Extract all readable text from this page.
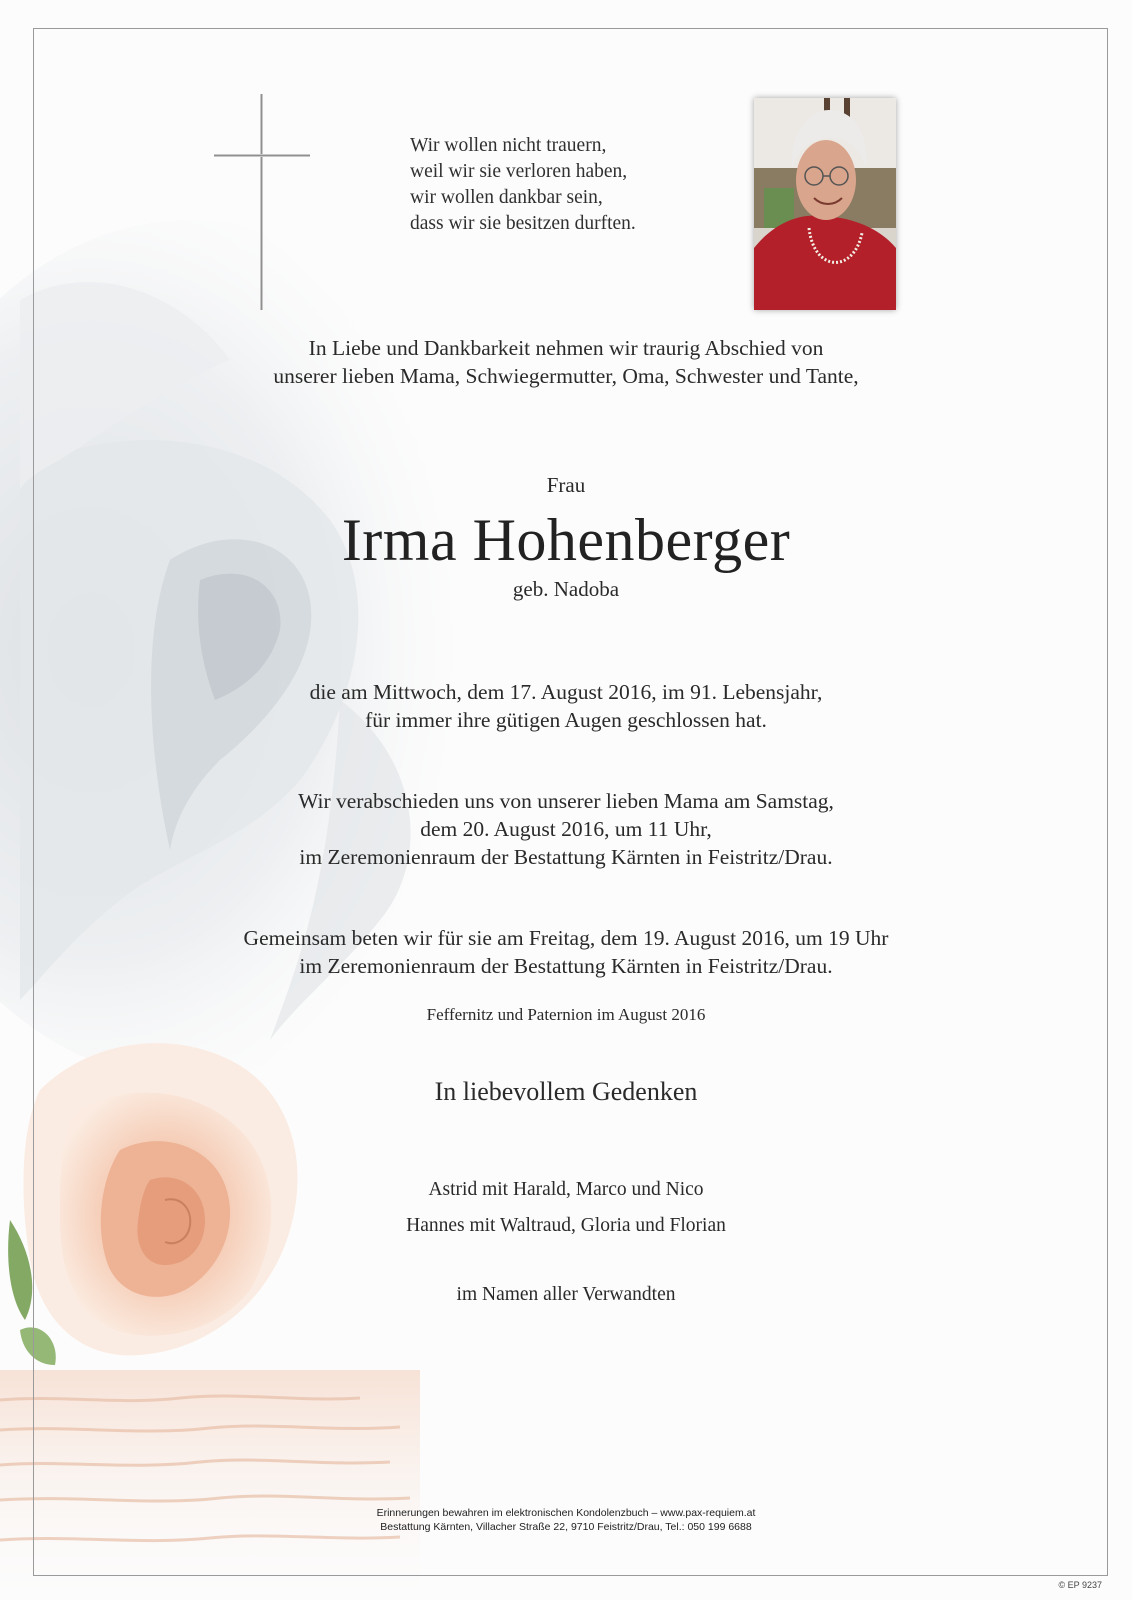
Wir wollen nicht trauern,
weil wir sie verloren haben,
wir wollen dankbar sein,
dass wir sie besitzen durften.
In Liebe und Dankbarkeit nehmen wir traurig Abschied von
unserer lieben Mama, Schwiegermutter, Oma, Schwester und Tante,
Frau
Irma Hohenberger
geb. Nadoba
die am Mittwoch, dem 17. August 2016, im 91. Lebensjahr,
für immer ihre gütigen Augen geschlossen hat.
Wir verabschieden uns von unserer lieben Mama am Samstag,
dem 20. August 2016, um 11 Uhr,
im Zeremonienraum der Bestattung Kärnten in Feistritz/Drau.
Gemeinsam beten wir für sie am Freitag, dem 19. August 2016, um 19 Uhr
im Zeremonienraum der Bestattung Kärnten in Feistritz/Drau.
Feffernitz und Paternion im August 2016
In liebevollem Gedenken
Astrid mit Harald, Marco und Nico
Hannes mit Waltraud, Gloria und Florian
im Namen aller Verwandten
Erinnerungen bewahren im elektronischen Kondolenzbuch – www.pax-requiem.at
Bestattung Kärnten, Villacher Straße 22, 9710 Feistritz/Drau, Tel.: 050 199 6688
© EP 9237
